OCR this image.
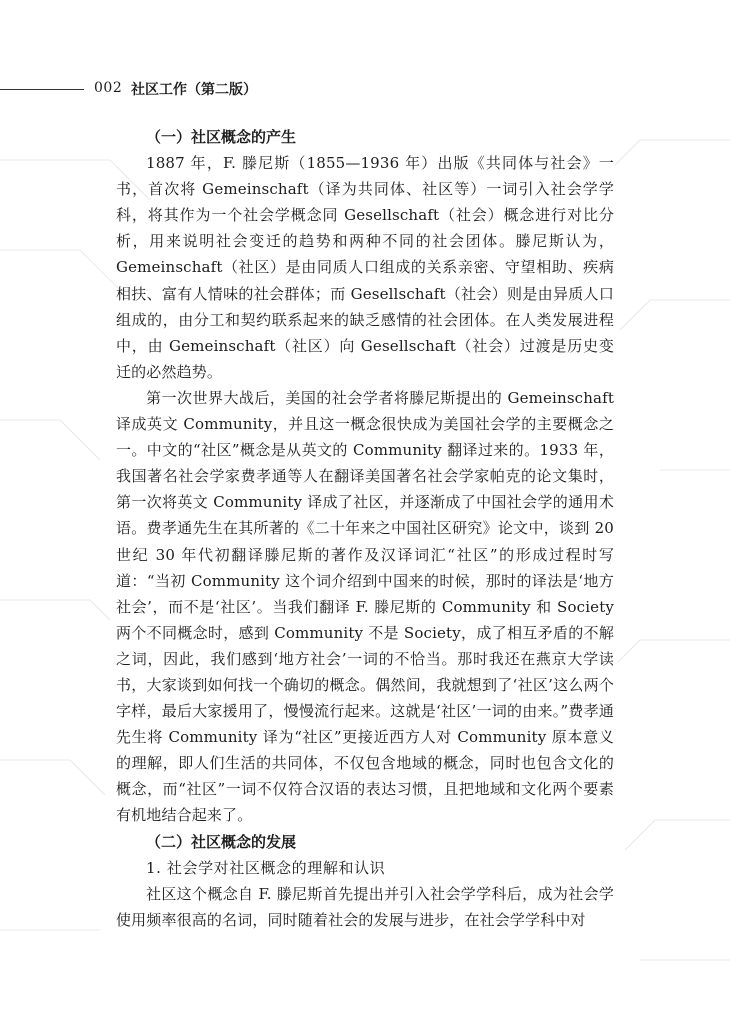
002 社区工作（第二版）
（一）社区概念的产生

1887 年，F. 滕尼斯（1855—1936 年）出版《共同体与社会》一书，首次将 Gemeinschaft（译为共同体、社区等）一词引入社会学学科，将其作为一个社会学概念同 Gesellschaft（社会）概念进行对比分析，用来说明社会变迁的趋势和两种不同的社会团体。滕尼斯认为，Gemeinschaft（社区）是由同质人口组成的关系亲密、守望相助、疾病相扶、富有人情味的社会群体；而 Gesellschaft（社会）则是由异质人口组成的，由分工和契约联系起来的缺乏感情的社会团体。在人类发展进程中，由 Gemeinschaft（社区）向 Gesellschaft（社会）过渡是历史变迁的必然趋势。

第一次世界大战后，美国的社会学者将滕尼斯提出的 Gemeinschaft 译成英文 Community，并且这一概念很快成为美国社会学的主要概念之一。中文的“社区”概念是从英文的 Community 翻译过来的。1933 年，我国著名社会学家费孝通等人在翻译美国著名社会学家帕克的论文集时，第一次将英文 Community 译成了社区，并逐渐成了中国社会学的通用术语。费孝通先生在其所著的《二十年来之中国社区研究》论文中，谈到 20 世纪 30 年代初翻译滕尼斯的著作及汉译词汇“社区”的形成过程时写道：“当初 Community 这个词介绍到中国来的时候，那时的译法是‘地方社会’，而不是‘社区’。当我们翻译 F. 滕尼斯的 Community 和 Society 两个不同概念时，感到 Community 不是 Society，成了相互矛盾的不解之词，因此，我们感到‘地方社会’一词的不恰当。那时我还在燕京大学读书，大家谈到如何找一个确切的概念。偶然间，我就想到了‘社区’这么两个字样，最后大家援用了，慢慢流行起来。这就是‘社区’一词的由来。”费孝通先生将 Community 译为“社区”更接近西方人对 Community 原本意义的理解，即人们生活的共同体，不仅包含地域的概念，同时也包含文化的概念，而“社区”一词不仅符合汉语的表达习惯，且把地域和文化两个要素有机地结合起来了。

（二）社区概念的发展
1. 社会学对社区概念的理解和认识

社区这个概念自 F. 滕尼斯首先提出并引入社会学学科后，成为社会学使用频率很高的名词，同时随着社会的发展与进步，在社会学学科中对
